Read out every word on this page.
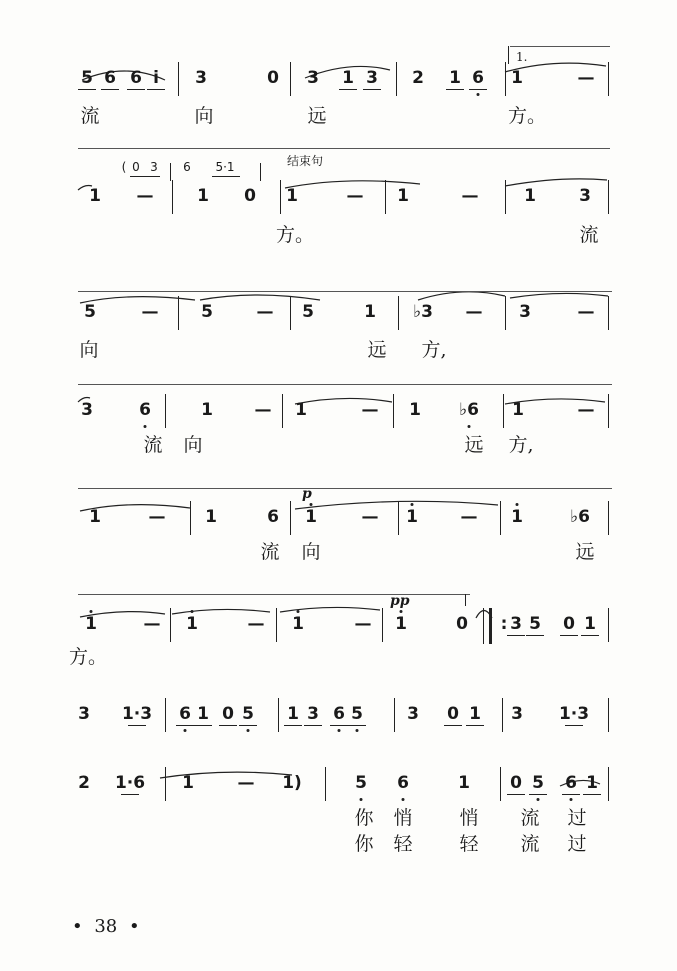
5 6 6 i 3	0 3 1 3 2 1 6 1	—
流	向	远	方。
1.
1 —	1 0 1	— 1	—	1	3
方。	流
( 0 3 6 5·1	结束句
5	—	5	— 5	1 ♭3 — 3	—
向	远 方,
3	6	1 — 1	— 1 ♭6 1	—
流 向	远 方,
1	— 1	6 1	— 1	— 1	♭6
流 向	远
p
1	— 1	— 1	— 1	0 : 3 5 0 1
方。
pp
3 1·3 6 1 0 5 1 3 6 5	3 0 1 3 1·3
2 1·6 1	— 1)	5 6	1 0 5 6 1
你 悄 悄 流 过
你 轻 轻 流 过
• 38 •
